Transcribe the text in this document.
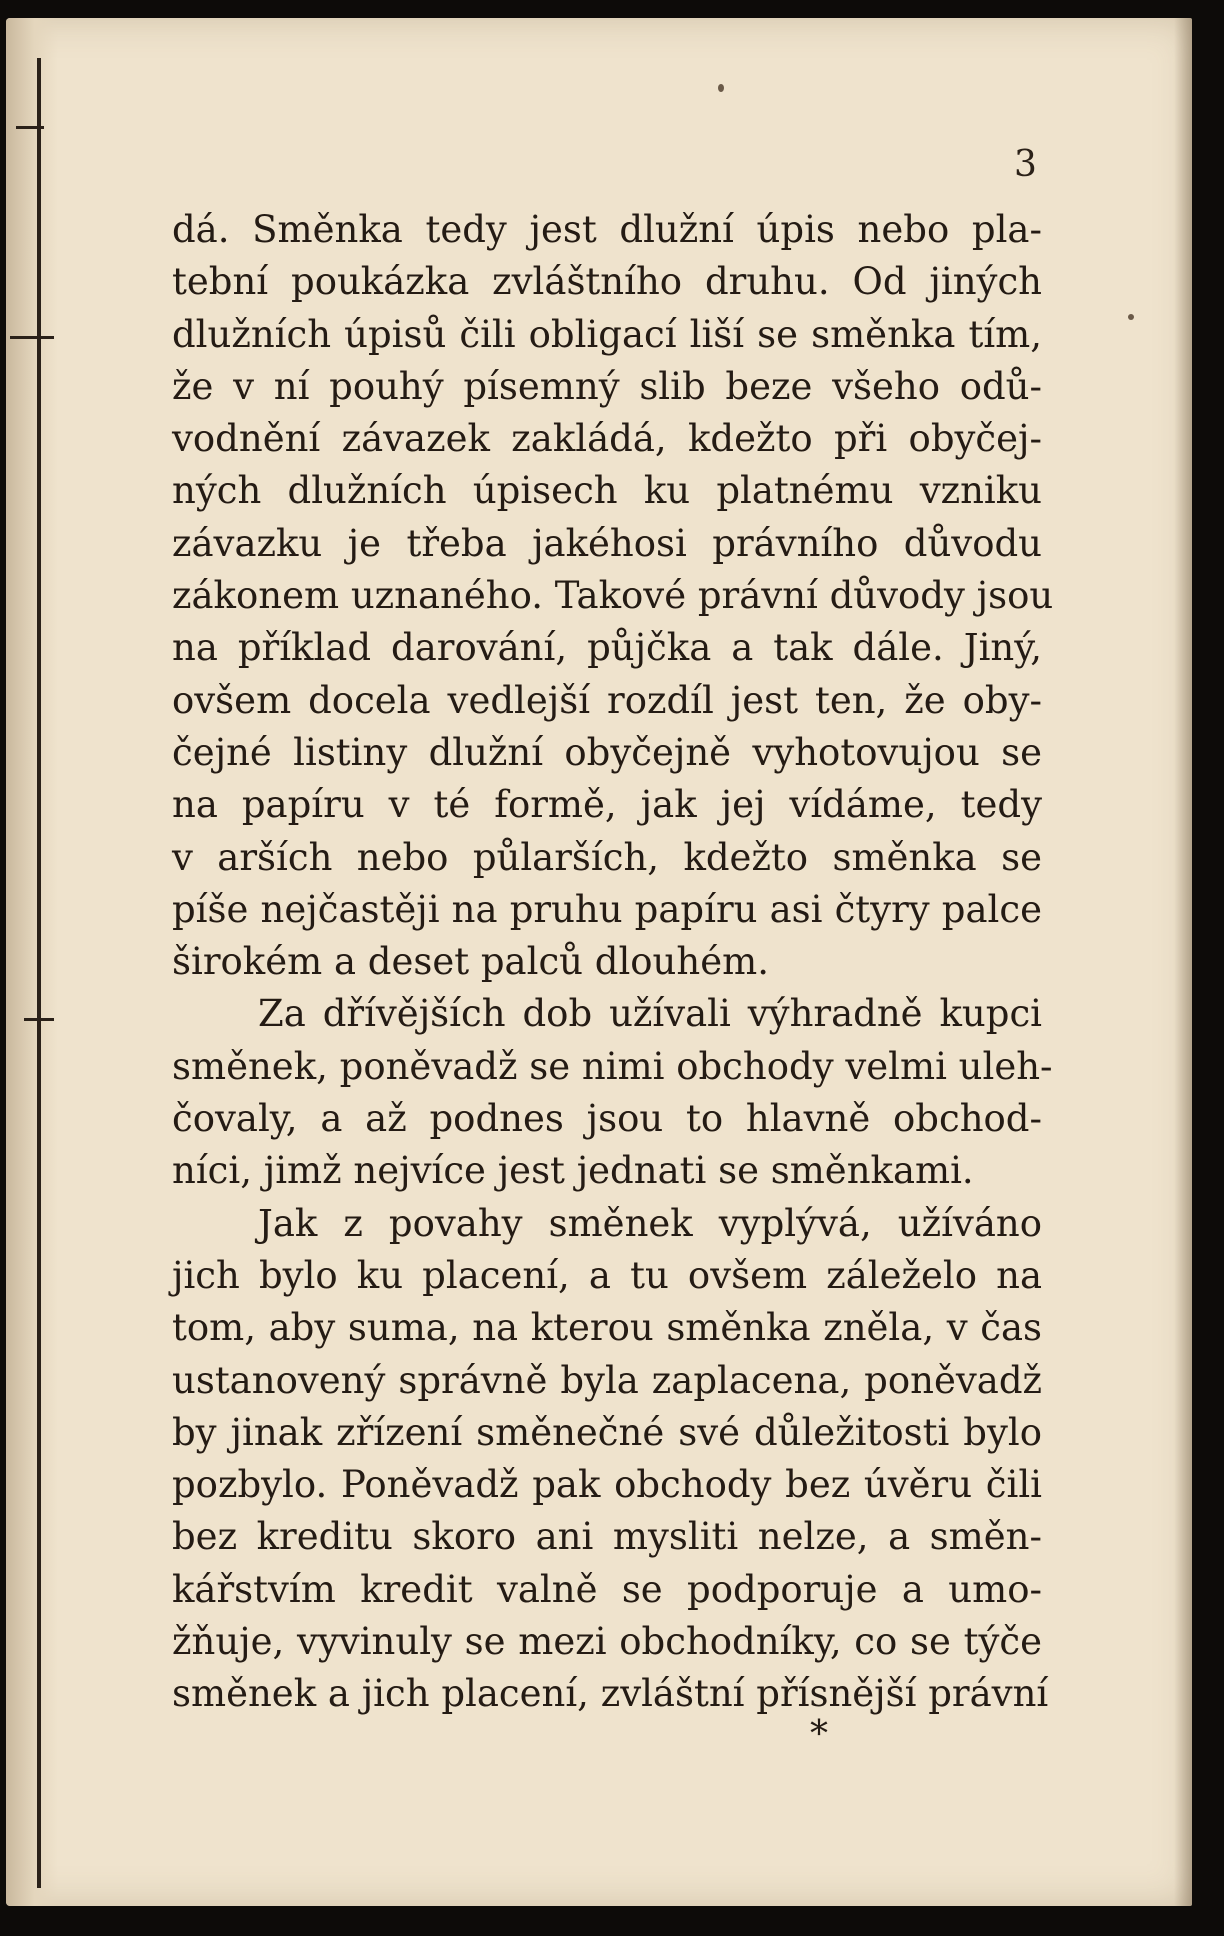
3
dá. Směnka tedy jest dlužní úpis nebo pla-
tební poukázka zvláštního druhu. Od jiných
dlužních úpisů čili obligací liší se směnka tím,
že v ní pouhý písemný slib beze všeho odů-
vodnění závazek zakládá, kdežto při obyčej-
ných dlužních úpisech ku platnému vzniku
závazku je třeba jakéhosi právního důvodu
zákonem uznaného. Takové právní důvody jsou
na příklad darování, půjčka a tak dále. Jiný,
ovšem docela vedlejší rozdíl jest ten, že oby-
čejné listiny dlužní obyčejně vyhotovujou se
na papíru v té formě, jak jej vídáme, tedy
v arších nebo půlarších, kdežto směnka se
píše nejčastěji na pruhu papíru asi čtyry palce
širokém a deset palců dlouhém.
Za dřívějších dob užívali výhradně kupci
směnek, poněvadž se nimi obchody velmi uleh-
čovaly, a až podnes jsou to hlavně obchod-
níci, jimž nejvíce jest jednati se směnkami.
Jak z povahy směnek vyplývá, užíváno
jich bylo ku placení, a tu ovšem záleželo na
tom, aby suma, na kterou směnka zněla, v čas
ustanovený správně byla zaplacena, poněvadž
by jinak zřízení směnečné své důležitosti bylo
pozbylo. Poněvadž pak obchody bez úvěru čili
bez kreditu skoro ani mysliti nelze, a směn-
kářstvím kredit valně se podporuje a umo-
žňuje, vyvinuly se mezi obchodníky, co se týče
směnek a jich placení, zvláštní přísnější právní
*
